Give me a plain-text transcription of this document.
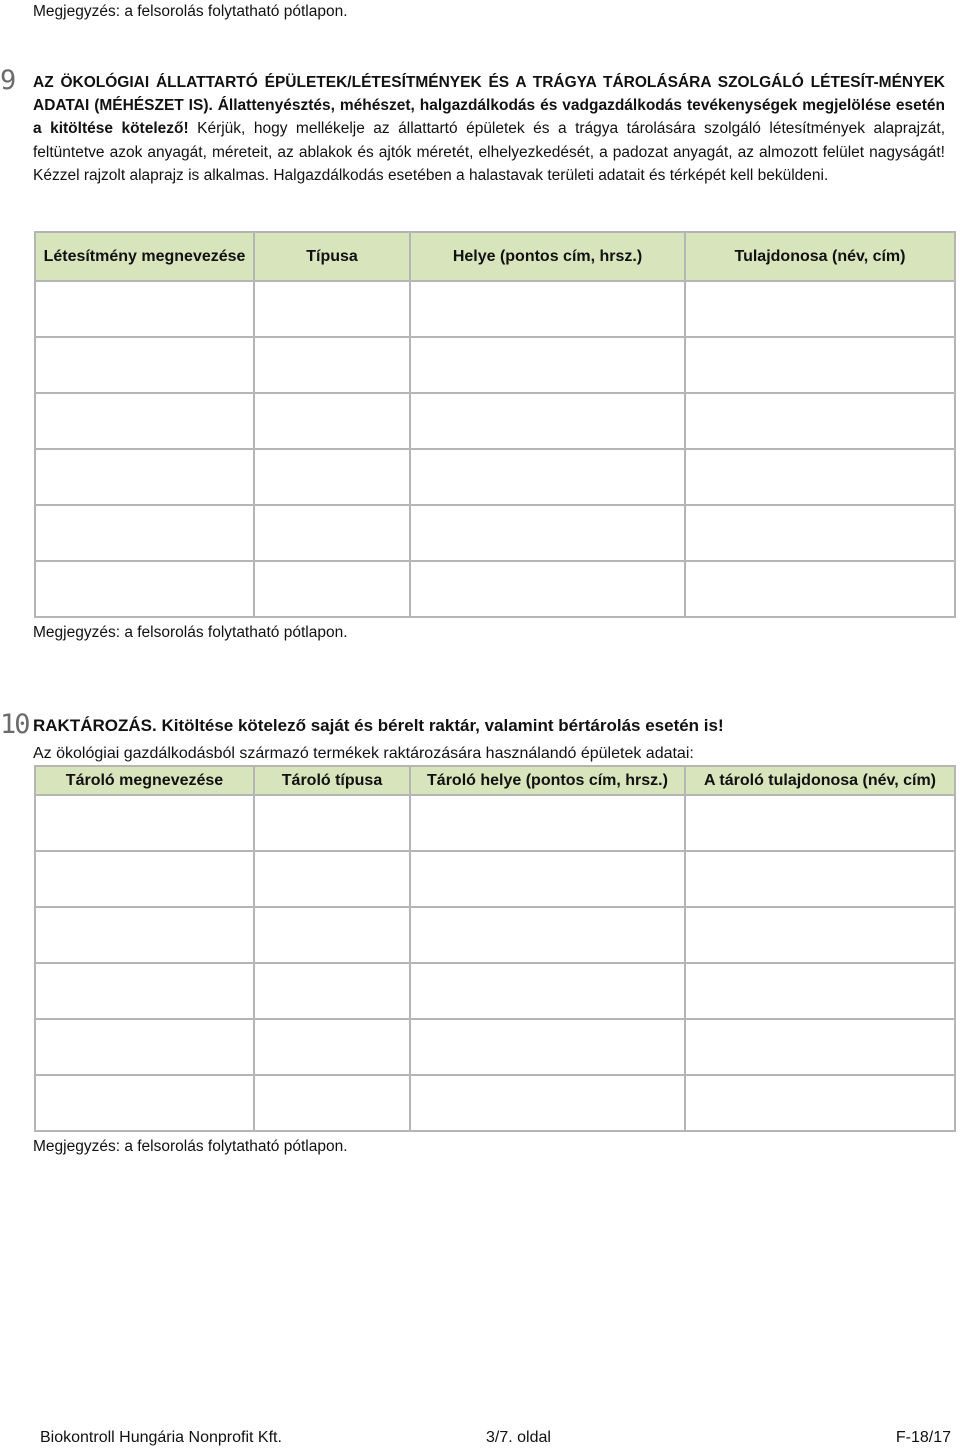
Megjegyzés: a felsorolás folytatható pótlapon.
9 AZ ÖKOLÓGIAI ÁLLATTARTÓ ÉPÜLETEK/LÉTESÍTMÉNYEK ÉS A TRÁGYA TÁROLÁSÁRA SZOLGÁLÓ LÉTESÍT-MÉNYEK ADATAI (MÉHÉSZET IS). Állattenyésztés, méhészet, halgazdálkodás és vadgazdálkodás tevékenységek megjelölése esetén a kitöltése kötelező! Kérjük, hogy mellékelje az állattartó épületek és a trágya tárolására szolgáló létesítmények alaprajzát, feltüntetve azok anyagát, méreteit, az ablakok és ajtók méretét, elhelyezkedését, a padozat anyagát, az almozott felület nagyságát! Kézzel rajzolt alaprajz is alkalmas. Halgazdálkodás esetében a halastavak területi adatait és térképét kell beküldeni.
Létesítmény megnevezése	Típusa	Helye (pontos cím, hrsz.)	Tulajdonosa (név, cím)

Megjegyzés: a felsorolás folytatható pótlapon.
10 RAKTÁROZÁS. Kitöltése kötelező saját és bérelt raktár, valamint bértárolás esetén is!
Az ökológiai gazdálkodásból származó termékek raktározására használandó épületek adatai:
Tároló megnevezése	Tároló típusa	Tároló helye (pontos cím, hrsz.)	A tároló tulajdonosa (név, cím)

Megjegyzés: a felsorolás folytatható pótlapon.
Biokontroll Hungária Nonprofit Kft.	3/7. oldal	F-18/17
